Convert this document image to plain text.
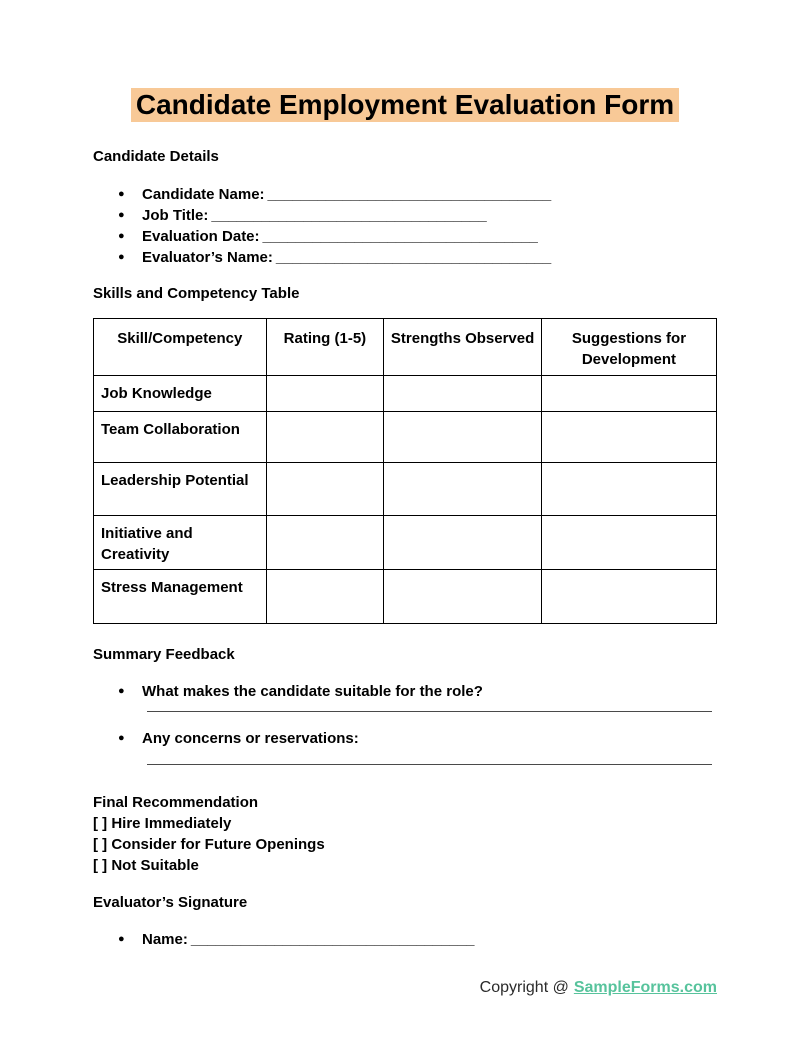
Candidate Employment Evaluation Form
Candidate Details
● Candidate Name: __________________________________
● Job Title: _________________________________
● Evaluation Date: _________________________________
● Evaluator’s Name: _________________________________
Skills and Competency Table
Skill/Competency	Rating (1-5)	Strengths Observed	Suggestions for Development
Job Knowledge			
Team Collaboration			
Leadership Potential			
Initiative and Creativity			
Stress Management			
Summary Feedback
● What makes the candidate suitable for the role?
● Any concerns or reservations:
Final Recommendation
[ ] Hire Immediately
[ ] Consider for Future Openings
[ ] Not Suitable
Evaluator’s Signature
● Name: __________________________________
Copyright @ SampleForms.com
